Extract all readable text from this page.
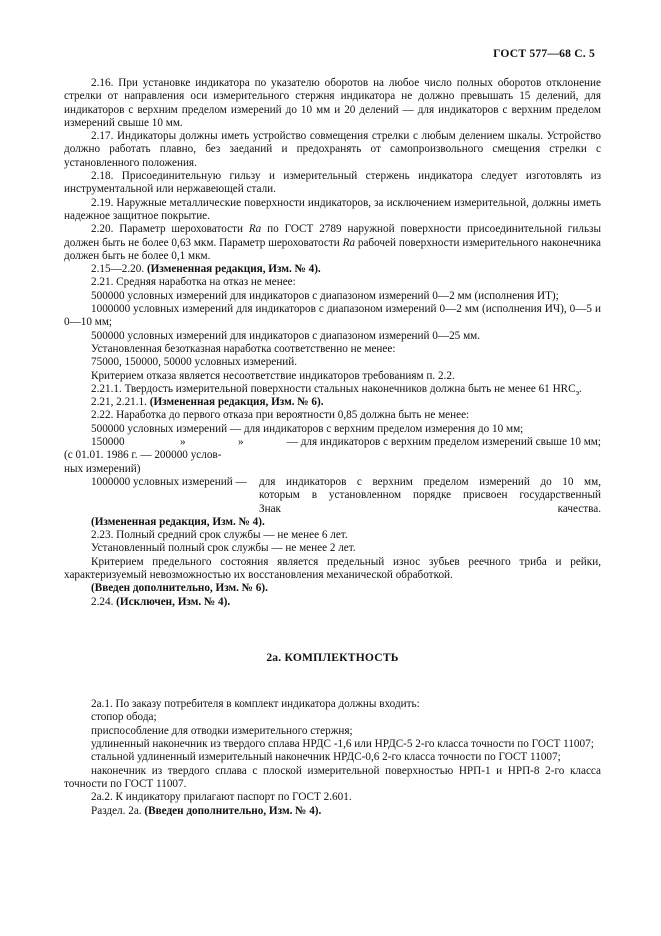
ГОСТ 577—68 С. 5

2.16. При установке индикатора по указателю оборотов на любое число полных оборотов отклонение стрелки от направления оси измерительного стержня индикатора не должно превышать 15 делений, для индикаторов с верхним пределом измерений до 10 мм и 20 делений — для индикаторов с верхним пределом измерений свыше 10 мм.

2.17. Индикаторы должны иметь устройство совмещения стрелки с любым делением шкалы. Устройство должно работать плавно, без заеданий и предохранять от самопроизвольного смещения стрелки с установленного положения.

2.18. Присоединительную гильзу и измерительный стержень индикатора следует изготовлять из инструментальной или нержавеющей стали.

2.19. Наружные металлические поверхности индикаторов, за исключением измерительной, должны иметь надежное защитное покрытие.

2.20. Параметр шероховатости Ra по ГОСТ 2789 наружной поверхности присоединительной гильзы должен быть не более 0,63 мкм. Параметр шероховатости Ra рабочей поверхности измерительного наконечника должен быть не более 0,1 мкм.

2.15—2.20. (Измененная редакция, Изм. № 4).

2.21. Средняя наработка на отказ не менее:

500000 условных измерений для индикаторов с диапазоном измерений 0—2 мм (исполнения ИТ);

1000000 условных измерений для индикаторов с диапазоном измерений 0—2 мм (исполнения ИЧ), 0—5 и 0—10 мм;

500000 условных измерений для индикаторов с диапазоном измерений 0—25 мм.

Установленная безотказная наработка соответственно не менее:

75000, 150000, 50000 условных измерений.

Критерием отказа является несоответствие индикаторов требованиям п. 2.2.

2.21.1. Твердость измерительной поверхности стальных наконечников должна быть не менее 61 $HRC_э$.

2.21, 2.21.1. (Измененная редакция, Изм. № 6).

2.22. Наработка до первого отказа при вероятности 0,85 должна быть не менее:

500000 условных измерений — для индикаторов с верхним пределом измерения до 10 мм;

150000	»	»	— для индикаторов с верхним пределом измерений свыше 10 мм;

(с 01.01. 1986 г. — 200000 услов-

ных измерений)

1000000 условных измерений —	для индикаторов с верхним пределом измерений до 10 мм,
которым в установленном порядке присвоен государственный
Знак качества.

(Измененная редакция, Изм. № 4).

2.23. Полный средний срок службы — не менее 6 лет.

Установленный полный срок службы — не менее 2 лет.

Критерием предельного состояния является предельный износ зубьев реечного триба и рейки, характеризуемый невозможностью их восстановления механической обработкой.

(Введен дополнительно, Изм. № 6).

2.24. (Исключен, Изм. № 4).

2а. КОМПЛЕКТНОСТЬ

2а.1. По заказу потребителя в комплект индикатора должны входить:

стопор обода;

приспособление для отводки измерительного стержня;

удлиненный наконечник из твердого сплава НРДС -1,6 или НРДС-5 2-го класса точности по ГОСТ 11007;

стальной удлиненный измерительный наконечник НРДС-0,6 2-го класса точности по ГОСТ 11007;

наконечник из твердого сплава с плоской измерительной поверхностью НРП-1 и НРП-8 2-го класса точности по ГОСТ 11007.

2а.2. К индикатору прилагают паспорт по ГОСТ 2.601.

Раздел. 2а. (Введен дополнительно, Изм. № 4).
